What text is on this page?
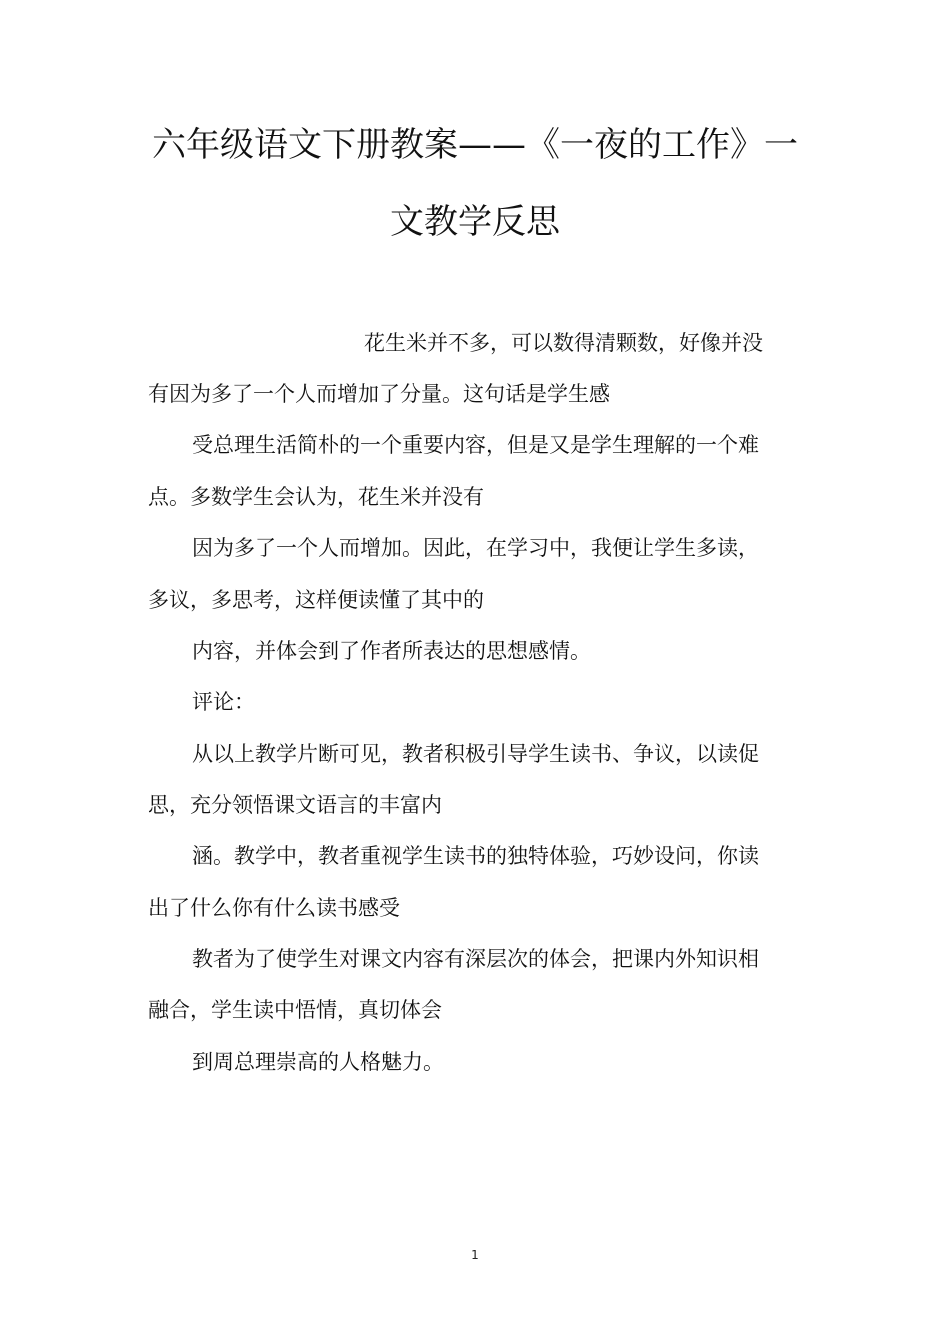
六年级语文下册教案——《一夜的工作》一
文教学反思
花生米并不多，可以数得清颗数，好像并没
有因为多了一个人而增加了分量。这句话是学生感
受总理生活简朴的一个重要内容，但是又是学生理解的一个难
点。多数学生会认为，花生米并没有
因为多了一个人而增加。因此，在学习中，我便让学生多读，
多议，多思考，这样便读懂了其中的
内容，并体会到了作者所表达的思想感情。
评论：
从以上教学片断可见，教者积极引导学生读书、争议，以读促
思，充分领悟课文语言的丰富内
涵。教学中，教者重视学生读书的独特体验，巧妙设问，你读
出了什么你有什么读书感受
教者为了使学生对课文内容有深层次的体会，把课内外知识相
融合，学生读中悟情，真切体会
到周总理崇高的人格魅力。
1
